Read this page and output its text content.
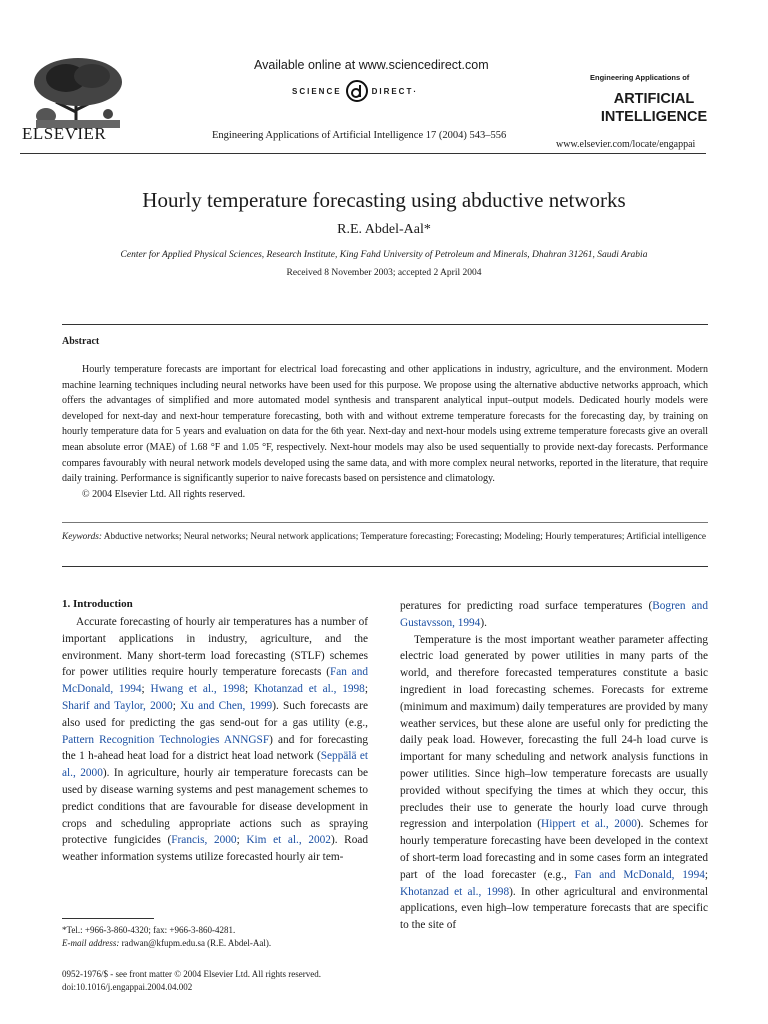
ELSEVIER
Available online at www.sciencedirect.com
SCIENCE	DIRECT·
Engineering Applications of Artificial Intelligence 17 (2004) 543–556
Engineering Applications of
ARTIFICIAL
INTELLIGENCE
www.elsevier.com/locate/engappai
Hourly temperature forecasting using abductive networks
R.E. Abdel-Aal*
Center for Applied Physical Sciences, Research Institute, King Fahd University of Petroleum and Minerals, Dhahran 31261, Saudi Arabia
Received 8 November 2003; accepted 2 April 2004
Abstract

Hourly temperature forecasts are important for electrical load forecasting and other applications in industry, agriculture, and the environment. Modern machine learning techniques including neural networks have been used for this purpose. We propose using the alternative abductive networks approach, which offers the advantages of simplified and more automated model synthesis and transparent analytical input–output models. Dedicated hourly models were developed for next-day and next-hour temperature forecasting, both with and without extreme temperature forecasts for the forecasting day, by training on hourly temperature data for 5 years and evaluation on data for the 6th year. Next-day and next-hour models using extreme temperature forecasts give an overall mean absolute error (MAE) of 1.68 °F and 1.05 °F, respectively. Next-hour models may also be used sequentially to provide next-day forecasts. Performance compares favourably with neural network models developed using the same data, and with more complex neural networks, reported in the literature, that require daily training. Performance is significantly superior to naive forecasts based on persistence and climatology.

© 2004 Elsevier Ltd. All rights reserved.

Keywords: Abductive networks; Neural networks; Neural network applications; Temperature forecasting; Forecasting; Modeling; Hourly temperatures; Artificial intelligence
1. Introduction

Accurate forecasting of hourly air temperatures has a number of important applications in industry, agriculture, and the environment. Many short-term load forecasting (STLF) schemes for power utilities require hourly temperature forecasts (Fan and McDonald, 1994; Hwang et al., 1998; Khotanzad et al., 1998; Sharif and Taylor, 2000; Xu and Chen, 1999). Such forecasts are also used for predicting the gas send-out for a gas utility (e.g., Pattern Recognition Technologies ANNGSF) and for forecasting the 1 h-ahead heat load for a district heat load network (Seppälä et al., 2000). In agriculture, hourly air temperature forecasts can be used by disease warning systems and pest management schemes to predict conditions that are favourable for disease development in crops and scheduling appropriate actions such as spraying protective fungicides (Francis, 2000; Kim et al., 2002). Road weather information systems utilize forecasted hourly air tem-

peratures for predicting road surface temperatures (Bogren and Gustavsson, 1994).

Temperature is the most important weather parameter affecting electric load generated by power utilities in many parts of the world, and therefore forecasted temperatures constitute a basic ingredient in load forecasting schemes. Forecasts for extreme (minimum and maximum) daily temperatures are provided by many weather services, but these alone are useful only for predicting the daily peak load. However, forecasting the full 24-h load curve is important for many scheduling and network analysis functions in power utilities. Since high–low temperature forecasts are usually provided without specifying the times at which they occur, this precludes their use to generate the hourly load curve through regression and interpolation (Hippert et al., 2000). Schemes for hourly temperature forecasting have been developed in the context of short-term load forecasting and in some cases form an integrated part of the load forecaster (e.g., Fan and McDonald, 1994; Khotanzad et al., 1998). In other agricultural and environmental applications, even high–low temperature forecasts that are specific to the site of

*Tel.: +966-3-860-4320; fax: +966-3-860-4281.
E-mail address: radwan@kfupm.edu.sa (R.E. Abdel-Aal).
0952-1976/$ - see front matter © 2004 Elsevier Ltd. All rights reserved.
doi:10.1016/j.engappai.2004.04.002
